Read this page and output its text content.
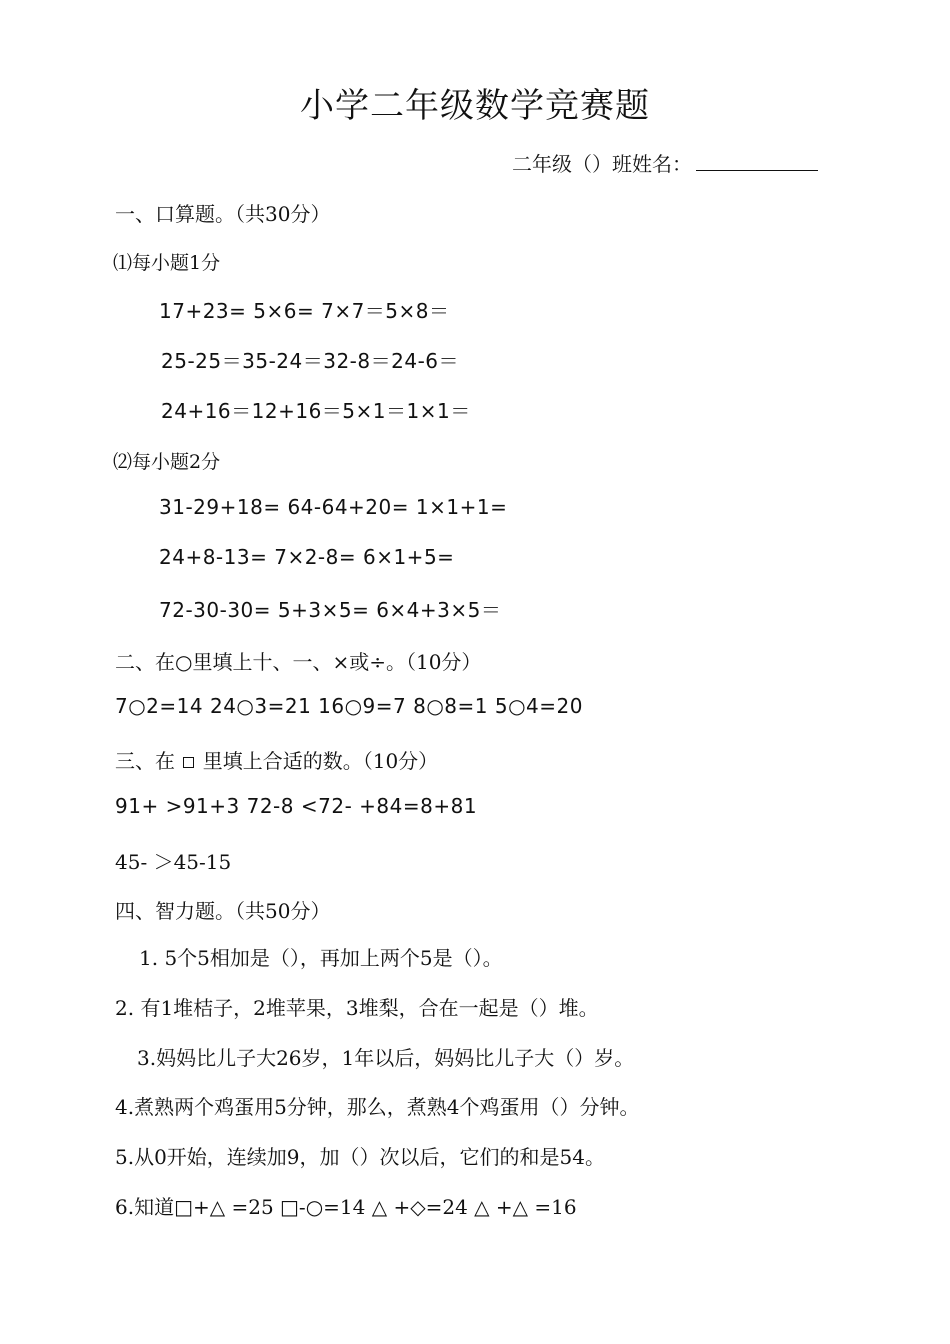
小学二年级数学竞赛题
二年级（）班姓名：
一、口算题。（共30分）
⑴每小题1分
17+23= 5×6= 7×7＝5×8＝
25-25＝35-24＝32-8＝24-6＝
24+16＝12+16＝5×1＝1×1＝
⑵每小题2分
31-29+18= 64-64+20= 1×1+1=
24+8-13= 7×2-8= 6×1+5=
72-30-30= 5+3×5= 6×4+3×5＝
二、在○里填上十、一、×或÷。（10分）
7○2=14 24○3=21 16○9=7 8○8=1 5○4=20
三、在 里填上合适的数。（10分）
91+ >91+3 72-8 <72- +84=8+81
45- ＞45-15
四、智力题。（共50分）
1. 5个5相加是（），再加上两个5是（）。
2. 有1堆桔子，2堆苹果，3堆梨，合在一起是（）堆。
3.妈妈比儿子大26岁，1年以后，妈妈比儿子大（）岁。
4.煮熟两个鸡蛋用5分钟，那么，煮熟4个鸡蛋用（）分钟。
5.从0开始，连续加9，加（）次以后，它们的和是54。
6.知道□+△ =25 □-○=14 △ +◇=24 △ +△ =16
